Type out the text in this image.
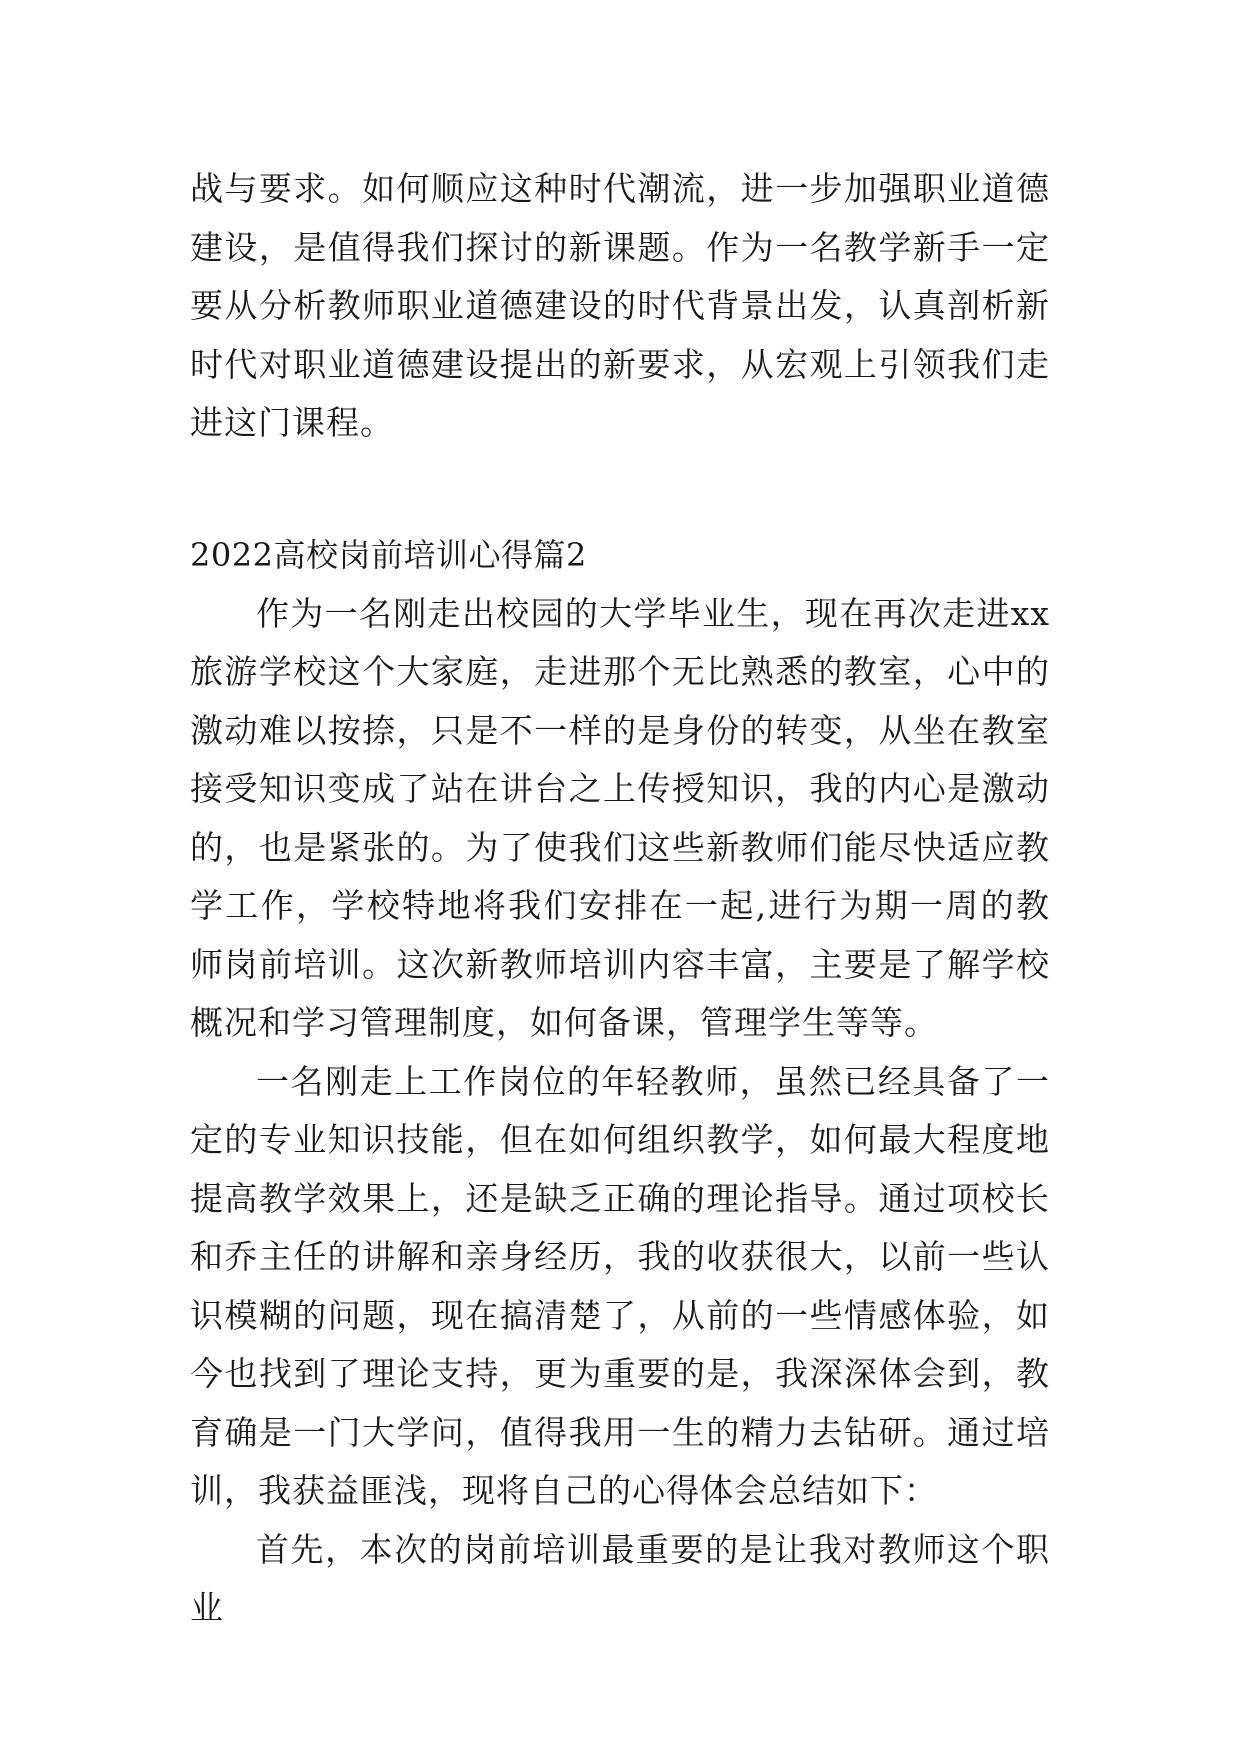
战与要求。如何顺应这种时代潮流，进一步加强职业道德建设，是值得我们探讨的新课题。作为一名教学新手一定要从分析教师职业道德建设的时代背景出发，认真剖析新时代对职业道德建设提出的新要求，从宏观上引领我们走进这门课程。

2022高校岗前培训心得篇2

作为一名刚走出校园的大学毕业生，现在再次走进xx旅游学校这个大家庭，走进那个无比熟悉的教室，心中的激动难以按捺，只是不一样的是身份的转变，从坐在教室接受知识变成了站在讲台之上传授知识，我的内心是激动的，也是紧张的。为了使我们这些新教师们能尽快适应教学工作，学校特地将我们安排在一起,进行为期一周的教师岗前培训。这次新教师培训内容丰富，主要是了解学校概况和学习管理制度，如何备课，管理学生等等。

一名刚走上工作岗位的年轻教师，虽然已经具备了一定的专业知识技能，但在如何组织教学，如何最大程度地提高教学效果上，还是缺乏正确的理论指导。通过项校长和乔主任的讲解和亲身经历，我的收获很大，以前一些认识模糊的问题，现在搞清楚了，从前的一些情感体验，如今也找到了理论支持，更为重要的是，我深深体会到，教育确是一门大学问，值得我用一生的精力去钻研。通过培训，我获益匪浅，现将自己的心得体会总结如下：

首先，本次的岗前培训最重要的是让我对教师这个职业
